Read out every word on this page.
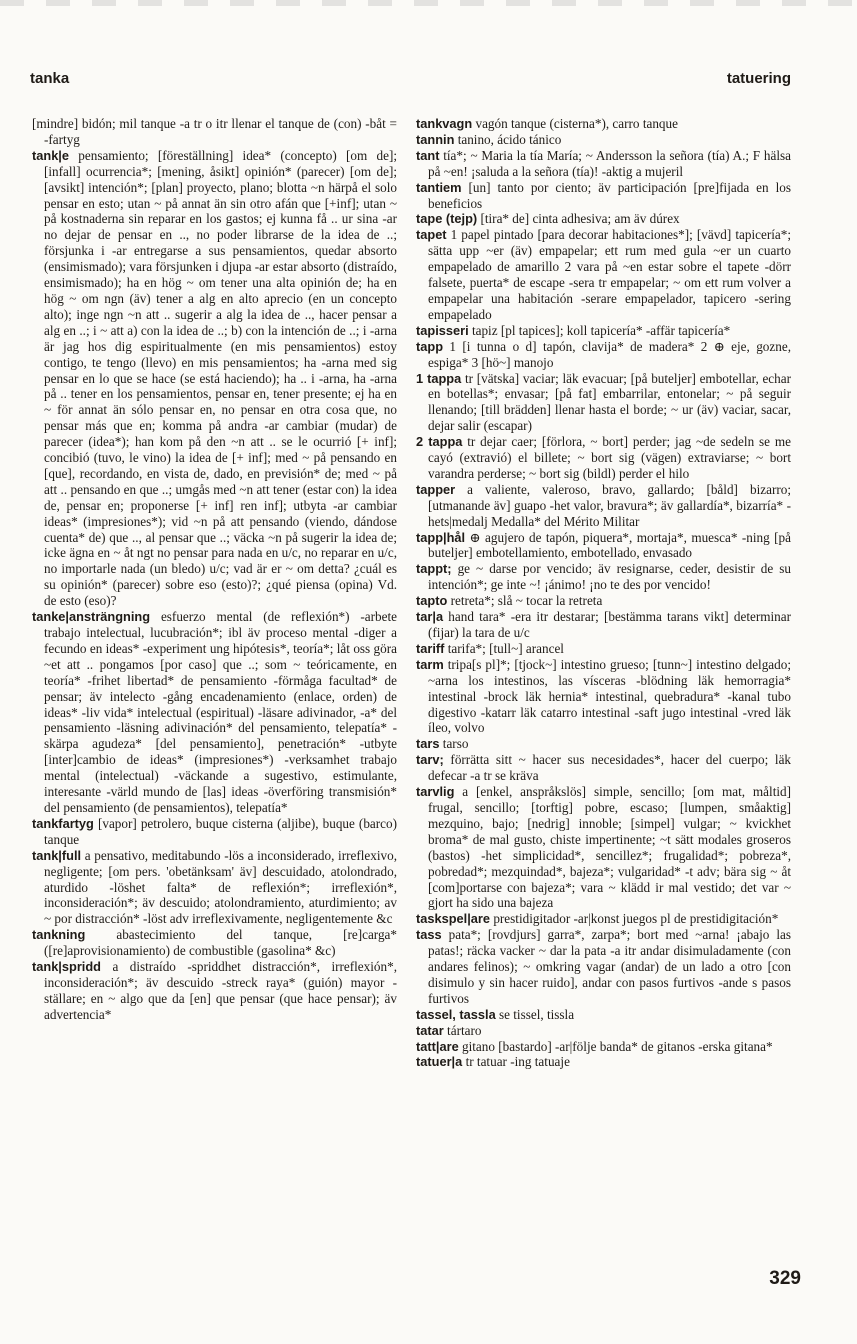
tanka	tatuering

[mindre] bidón; mil tanque -a tr o itr llenar el tanque de (con) -båt = -fartyg

tank|e pensamiento; [föreställning] idea* (concepto) [om de]; [infall] ocurrencia*; [mening, åsikt] opinión* (parecer) [om de]; [avsikt] intención*; [plan] proyecto, plano; blotta ~n härpå el solo pensar en esto; utan ~ på annat än sin otro afán que [+inf]; utan ~ på kostnaderna sin reparar en los gastos; ej kunna få .. ur sina -ar no dejar de pensar en .., no poder librarse de la idea de ..; försjunka i -ar entregarse a sus pensamientos, quedar absorto (ensimismado); vara försjunken i djupa -ar estar absorto (distraído, ensimismado); ha en hög ~ om tener una alta opinión de; ha en hög ~ om ngn (äv) tener a alg en alto aprecio (en un concepto alto); inge ngn ~n att .. sugerir a alg la idea de .., hacer pensar a alg en ..; i ~ att a) con la idea de ..; b) con la intención de ..; i -arna är jag hos dig espiritualmente (en mis pensamientos) estoy contigo, te tengo (llevo) en mis pensamientos; ha -arna med sig pensar en lo que se hace (se está haciendo); ha .. i -arna, ha -arna på .. tener en los pensamientos, pensar en, tener presente; ej ha en ~ för annat än sólo pensar en, no pensar en otra cosa que, no pensar más que en; komma på andra -ar cambiar (mudar) de parecer (idea*); han kom på den ~n att .. se le ocurrió [+ inf]; concibió (tuvo, le vino) la idea de [+ inf]; med ~ på pensando en [que], recordando, en vista de, dado, en previsión* de; med ~ på att .. pensando en que ..; umgås med ~n att tener (estar con) la idea de, pensar en; proponerse [+ inf] ren inf]; utbyta -ar cambiar ideas* (impresiones*); vid ~n på att pensando (viendo, dándose cuenta* de) que .., al pensar que ..; väcka ~n på sugerir la idea de; icke ägna en ~ åt ngt no pensar para nada en u/c, no reparar en u/c, no importarle nada (un bledo) u/c; vad är er ~ om detta? ¿cuál es su opinión* (parecer) sobre eso (esto)?; ¿qué piensa (opina) Vd. de esto (eso)?

tanke|ansträngning esfuerzo mental (de reflexión*) -arbete trabajo intelectual, lucubración*; ibl äv proceso mental -diger a fecundo en ideas* -experiment ung hipótesis*, teoría*; låt oss göra ~et att .. pongamos [por caso] que ..; som ~ teóricamente, en teoría* -frihet libertad* de pensamiento -förmåga facultad* de pensar; äv intelecto -gång encadenamiento (enlace, orden) de ideas* -liv vida* intelectual (espiritual) -läsare adivinador, -a* del pensamiento -läsning adivinación* del pensamiento, telepatía* -skärpa agudeza* [del pensamiento], penetración* -utbyte [inter]cambio de ideas* (impresiones*) -verksamhet trabajo mental (intelectual) -väckande a sugestivo, estimulante, interesante -värld mundo de [las] ideas -överföring transmisión* del pensamiento (de pensamientos), telepatía*

tankfartyg [vapor] petrolero, buque cisterna (aljibe), buque (barco) tanque

tank|full a pensativo, meditabundo -lös a inconsiderado, irreflexivo, negligente; [om pers. 'obetänksam' äv] descuidado, atolondrado, aturdido -löshet falta* de reflexión*; irreflexión*, inconsideración*; äv descuido; atolondramiento, aturdimiento; av ~ por distracción* -löst adv irreflexivamente, negligentemente &c

tankning abastecimiento del tanque, [re]carga* ([re]aprovisionamiento) de combustible (gasolina* &c)

tank|spridd a distraído -spriddhet distracción*, irreflexión*, inconsideración*; äv descuido -streck raya* (guión) mayor -ställare; en ~ algo que da [en] que pensar (que hace pensar); äv advertencia*

tankvagn vagón tanque (cisterna*), carro tanque

tannin tanino, ácido tánico

tant tía*; ~ Maria la tía María; ~ Andersson la señora (tía) A.; F hälsa på ~en! ¡saluda a la señora (tía)! -aktig a mujeril

tantiem [un] tanto por ciento; äv participación [pre]fijada en los beneficios

tape (tejp) [tira* de] cinta adhesiva; am äv dúrex

tapet 1 papel pintado [para decorar habitaciones*]; [vävd] tapicería*; sätta upp ~er (äv) empapelar; ett rum med gula ~er un cuarto empapelado de amarillo 2 vara på ~en estar sobre el tapete -dörr falsete, puerta* de escape -sera tr empapelar; ~ om ett rum volver a empapelar una habitación -serare empapelador, tapicero -sering empapelado

tapisseri tapiz [pl tapices]; koll tapicería* -affär tapicería*

tapp 1 [i tunna o d] tapón, clavija* de madera* 2 ⊕ eje, gozne, espiga* 3 [hö~] manojo

1 tappa tr [vätska] vaciar; läk evacuar; [på buteljer] embotellar, echar en botellas*; envasar; [på fat] embarrilar, entonelar; ~ på seguir llenando; [till brädden] llenar hasta el borde; ~ ur (äv) vaciar, sacar, dejar salir (escapar)

2 tappa tr dejar caer; [förlora, ~ bort] perder; jag ~de sedeln se me cayó (extravió) el billete; ~ bort sig (vägen) extraviarse; ~ bort varandra perderse; ~ bort sig (bildl) perder el hilo

tapper a valiente, valeroso, bravo, gallardo; [båld] bizarro; [utmanande äv] guapo -het valor, bravura*; äv gallardía*, bizarría* -hets|medalj Medalla* del Mérito Militar

tapp|hål ⊕ agujero de tapón, piquera*, mortaja*, muesca* -ning [på buteljer] embotellamiento, embotellado, envasado

tappt; ge ~ darse por vencido; äv resignarse, ceder, desistir de su intención*; ge inte ~! ¡ánimo! ¡no te des por vencido!

tapto retreta*; slå ~ tocar la retreta

tar|a hand tara* -era itr destarar; [bestämma tarans vikt] determinar (fijar) la tara de u/c

tariff tarifa*; [tull~] arancel

tarm tripa[s pl]*; [tjock~] intestino grueso; [tunn~] intestino delgado; ~arna los intestinos, las vísceras -blödning läk hemorragia* intestinal -brock läk hernia* intestinal, quebradura* -kanal tubo digestivo -katarr läk catarro intestinal -saft jugo intestinal -vred läk íleo, volvo

tars tarso

tarv; förrätta sitt ~ hacer sus necesidades*, hacer del cuerpo; läk defecar -a tr se kräva

tarvlig a [enkel, anspråkslös] simple, sencillo; [om mat, måltid] frugal, sencillo; [torftig] pobre, escaso; [lumpen, småaktig] mezquino, bajo; [nedrig] innoble; [simpel] vulgar; ~ kvickhet broma* de mal gusto, chiste impertinente; ~t sätt modales groseros (bastos) -het simplicidad*, sencillez*; frugalidad*; pobreza*, pobredad*; mezquindad*, bajeza*; vulgaridad* -t adv; bära sig ~ åt [com]portarse con bajeza*; vara ~ klädd ir mal vestido; det var ~ gjort ha sido una bajeza

taskspel|are prestidigitador -ar|konst juegos pl de prestidigitación*

tass pata*; [rovdjurs] garra*, zarpa*; bort med ~arna! ¡abajo las patas!; räcka vacker ~ dar la pata -a itr andar disimuladamente (con andares felinos); ~ omkring vagar (andar) de un lado a otro [con disimulo y sin hacer ruido], andar con pasos furtivos -ande s pasos furtivos

tassel, tassla se tissel, tissla

tatar tártaro

tatt|are gitano [bastardo] -ar|följe banda* de gitanos -erska gitana*

tatuer|a tr tatuar -ing tatuaje

329
